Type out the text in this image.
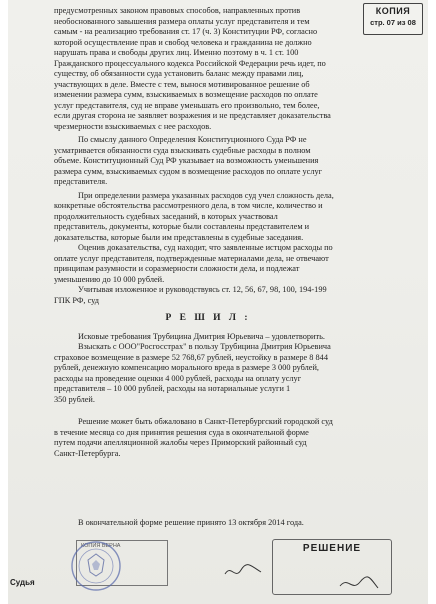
КОПИЯ
стр. 07 из 08

предусмотренных законом правовых способов, направленных против
необоснованного завышения размера оплаты услуг представителя и тем
самым - на реализацию требования ст. 17 (ч. 3) Конституции РФ, согласно
которой осуществление прав и свобод человека и гражданина не должно
нарушать права и свободы других лиц. Именно поэтому в ч. 1 ст. 100
Гражданского процессуального кодекса Российской Федерации речь идет, по
существу, об обязанности суда установить баланс между правами лиц,
участвующих в деле. Вместе с тем, вынося мотивированное решение об
изменении размера сумм, взыскиваемых в возмещение расходов по оплате
услуг представителя, суд не вправе уменьшать его произвольно, тем более,
если другая сторона не заявляет возражения и не представляет доказательства
чрезмерности взыскиваемых с нее расходов.

По смыслу данного Определения Конституционного Суда РФ не
усматривается обязанности суда взыскивать судебные расходы в полном
объеме. Конституционный Суд РФ указывает на возможность уменьшения
размера сумм, взыскиваемых судом в возмещение расходов по оплате услуг
представителя.

При определении размера указанных расходов суд учел сложность дела,
конкретные обстоятельства рассмотренного дела, в том числе, количество и
продолжительность судебных заседаний, в которых участвовал
представитель, документы, которые были составлены представителем и
доказательства, которые были им представлены в судебные заседания.

Оценив доказательства, суд находит, что заявленные истцом расходы по
оплате услуг представителя, подтвержденные материалами дела, не отвечают
принципам разумности и соразмерности сложности дела, и подлежат
уменьшению до 10 000 рублей.

Учитывая изложенное и руководствуясь ст. 12, 56, 67, 98, 100, 194-199
ГПК РФ, суд

Р Е Ш И Л :

Исковые требования Трубицина Дмитрия Юрьевича – удовлетворить.
Взыскать с ООО"Росгосстрах" в пользу Трубицина Дмитрия Юрьевича
страховое возмещение в размере 52 768,67 рублей, неустойку в размере 8 844
рублей, денежную компенсацию морального вреда в размере 3 000 рублей,
расходы на проведение оценки 4 000 рублей, расходы на оплату услуг
представителя – 10 000 рублей, расходы на нотариальные услуги 1
350 рублей.

Решение может быть обжаловано в Санкт-Петербургский городской суд
в течение месяца со дня принятия решения суда в окончательной форме
путем подачи апелляционной жалобы через Приморский районный суд
Санкт-Петербурга.

В окончательной форме решение принято 13 октября 2014 года.
КОПИЯ ВЕРНА	РЕШЕНИЕ
Судья
